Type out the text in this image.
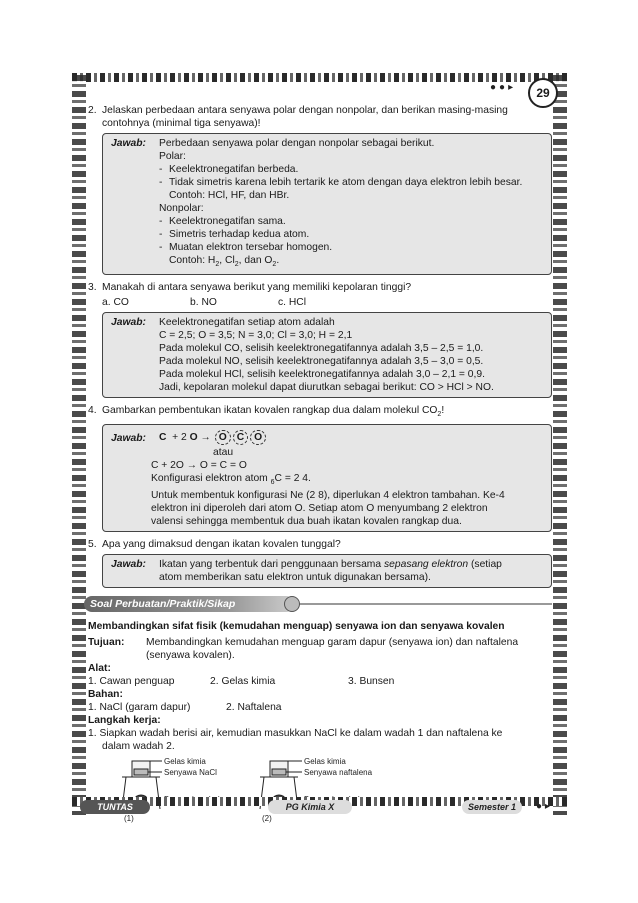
●●▸	29
2. Jelaskan perbedaan antara senyawa polar dengan nonpolar, dan berikan masing-masing
contohnya (minimal tiga senyawa)!
Jawab: Perbedaan senyawa polar dengan nonpolar sebagai berikut.
Polar:
- Keelektronegatifan berbeda.
- Tidak simetris karena lebih tertarik ke atom dengan daya elektron lebih besar.
Contoh: HCl, HF, dan HBr.
Nonpolar:
- Keelektronegatifan sama.
- Simetris terhadap kedua atom.
- Muatan elektron tersebar homogen.
Contoh: $H_2$, $Cl_2$, dan $O_2$.
3. Manakah di antara senyawa berikut yang memiliki kepolaran tinggi?
a. CO	b. NO	c. HCl
Jawab: Keelektronegatifan setiap atom adalah
C = 2,5; O = 3,5; N = 3,0; Cl = 3,0; H = 2,1
Pada molekul CO, selisih keelektronegatifannya adalah 3,5 – 2,5 = 1,0.
Pada molekul NO, selisih keelektronegatifannya adalah 3,5 – 3,0 = 0,5.
Pada molekul HCl, selisih keelektronegatifannya adalah 3,0 – 2,1 = 0,9.
Jadi, kepolaran molekul dapat diurutkan sebagai berikut: CO > HCl > NO.
4. Gambarkan pembentukan ikatan kovalen rangkap dua dalam molekul $CO_2$!
Jawab: C + 2 O → O C O
atau
C + 2O → O = C = O
Konfigurasi elektron atom $_6$C = 2 4.
Untuk membentuk konfigurasi Ne (2 8), diperlukan 4 elektron tambahan. Ke-4
elektron ini diperoleh dari atom O. Setiap atom O menyumbang 2 elektron
valensi sehingga membentuk dua buah ikatan kovalen rangkap dua.
5. Apa yang dimaksud dengan ikatan kovalen tunggal?
Jawab: Ikatan yang terbentuk dari penggunaan bersama sepasang elektron (setiap
atom memberikan satu elektron untuk digunakan bersama).
Soal Perbuatan/Praktik/Sikap
Membandingkan sifat fisik (kemudahan menguap) senyawa ion dan senyawa kovalen
Tujuan: Membandingkan kemudahan menguap garam dapur (senyawa ion) dan naftalena
(senyawa kovalen).
Alat:
1. Cawan penguap	2. Gelas kimia	3. Bunsen
Bahan:
1. NaCl (garam dapur)	2. Naftalena
Langkah kerja:
1. Siapkan wadah berisi air, kemudian masukkan NaCl ke dalam wadah 1 dan naftalena ke
dalam wadah 2.
Gelas kimia
Senyawa NaCl
(1)
Gelas kimia
Senyawa naftalena
(2)
TUNTAS	PG Kimia X	Semester 1	● ▸
